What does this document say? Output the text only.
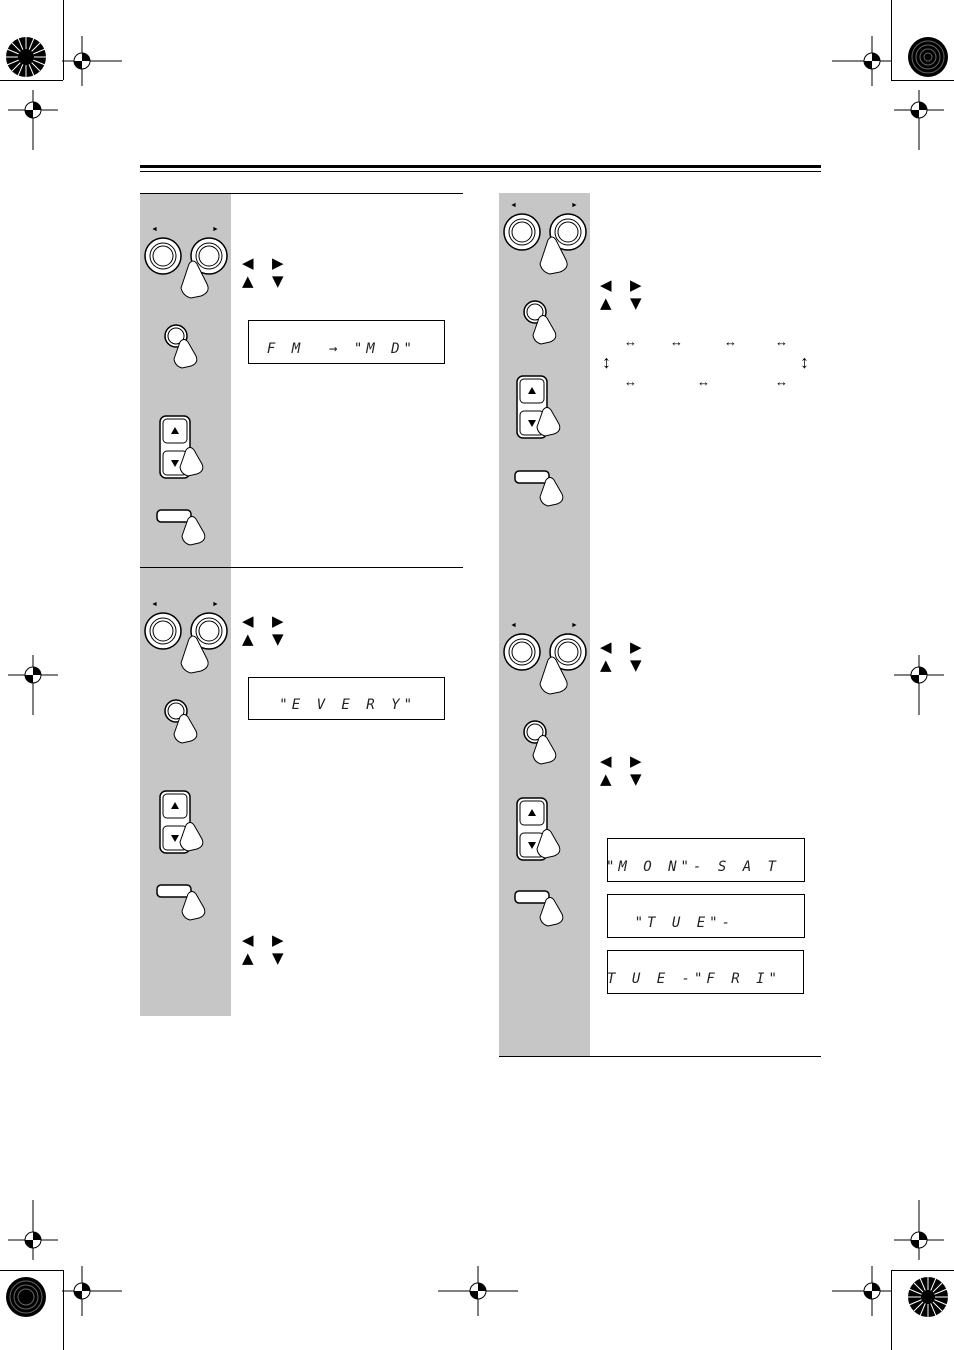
◄	►
◀ ▶
▲ ▼
F M  → "M D"
◄	►
◀ ▶
▲ ▼
"E V E R Y"
◀ ▶
▲ ▼
◄	►
◀ ▶
▲ ▼
↔	↔	↔	↔
↕	↕
↔	↔	↔
◄	►
◀ ▶
▲ ▼
◀ ▶
▲ ▼
"M O N"- S A T
"T U E"-
T U E -"F R I"
